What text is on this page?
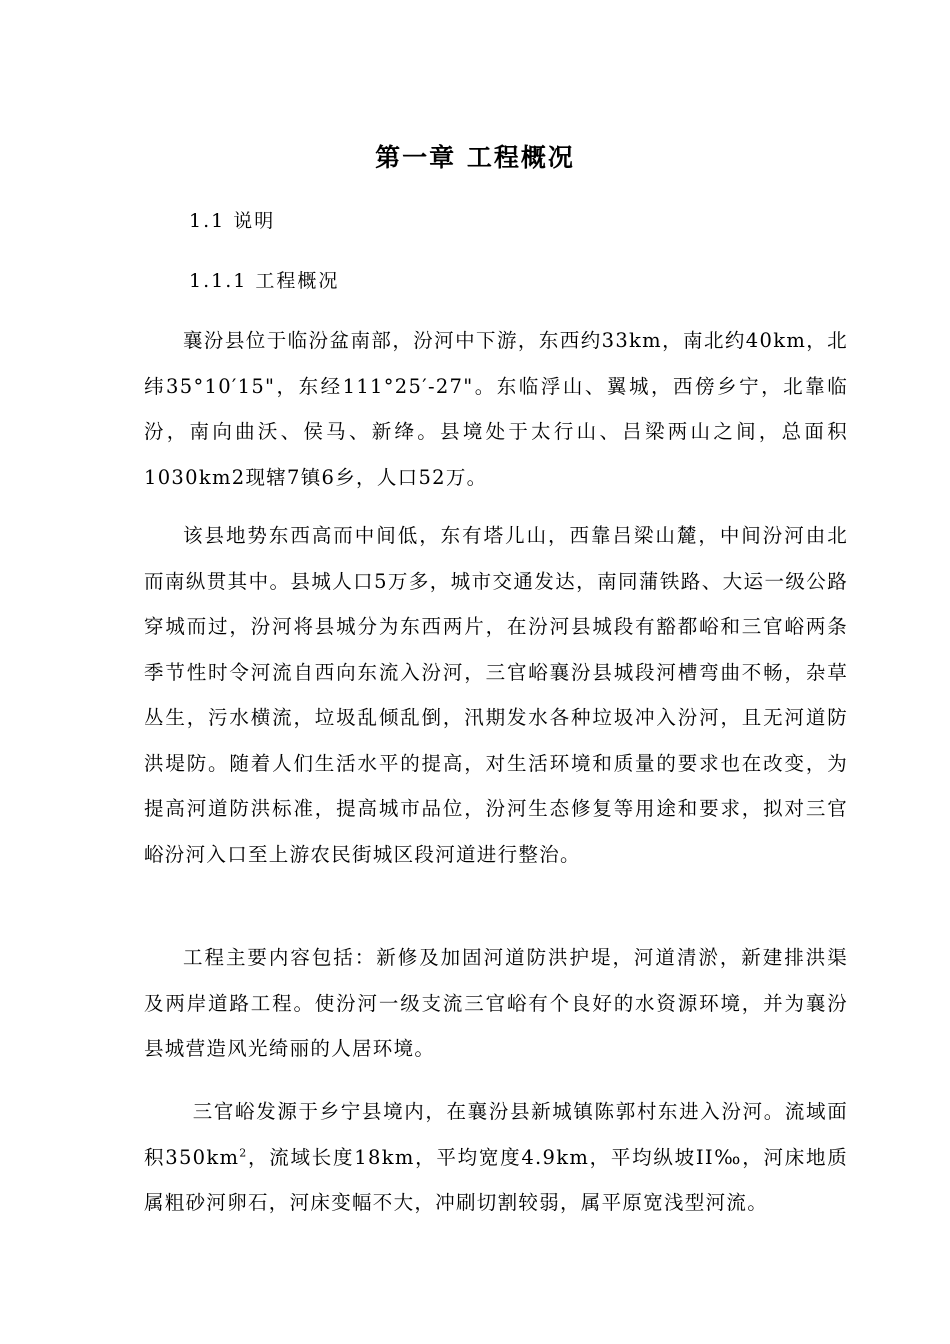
第一章 工程概况

1.1 说明

1.1.1 工程概况

襄汾县位于临汾盆南部，汾河中下游，东西约33km，南北约40km，北纬35°10′15"，东经111°25′-27"。东临浮山、翼城，西傍乡宁，北靠临汾，南向曲沃、侯马、新绛。县境处于太行山、吕梁两山之间，总面积1030km2现辖7镇6乡，人口52万。

该县地势东西高而中间低，东有塔儿山，西靠吕梁山麓，中间汾河由北而南纵贯其中。县城人口5万多，城市交通发达，南同蒲铁路、大运一级公路穿城而过，汾河将县城分为东西两片，在汾河县城段有豁都峪和三官峪两条季节性时令河流自西向东流入汾河，三官峪襄汾县城段河槽弯曲不畅，杂草丛生，污水横流，垃圾乱倾乱倒，汛期发水各种垃圾冲入汾河，且无河道防洪堤防。随着人们生活水平的提高，对生活环境和质量的要求也在改变，为提高河道防洪标准，提高城市品位，汾河生态修复等用途和要求，拟对三官峪汾河入口至上游农民街城区段河道进行整治。

工程主要内容包括：新修及加固河道防洪护堤，河道清淤，新建排洪渠及两岸道路工程。使汾河一级支流三官峪有个良好的水资源环境，并为襄汾县城营造风光绮丽的人居环境。

三官峪发源于乡宁县境内，在襄汾县新城镇陈郭村东进入汾河。流域面积$350km^2$，流域长度18km，平均宽度4.9km，平均纵坡II‰，河床地质属粗砂河卵石，河床变幅不大，冲刷切割较弱，属平原宽浅型河流。
